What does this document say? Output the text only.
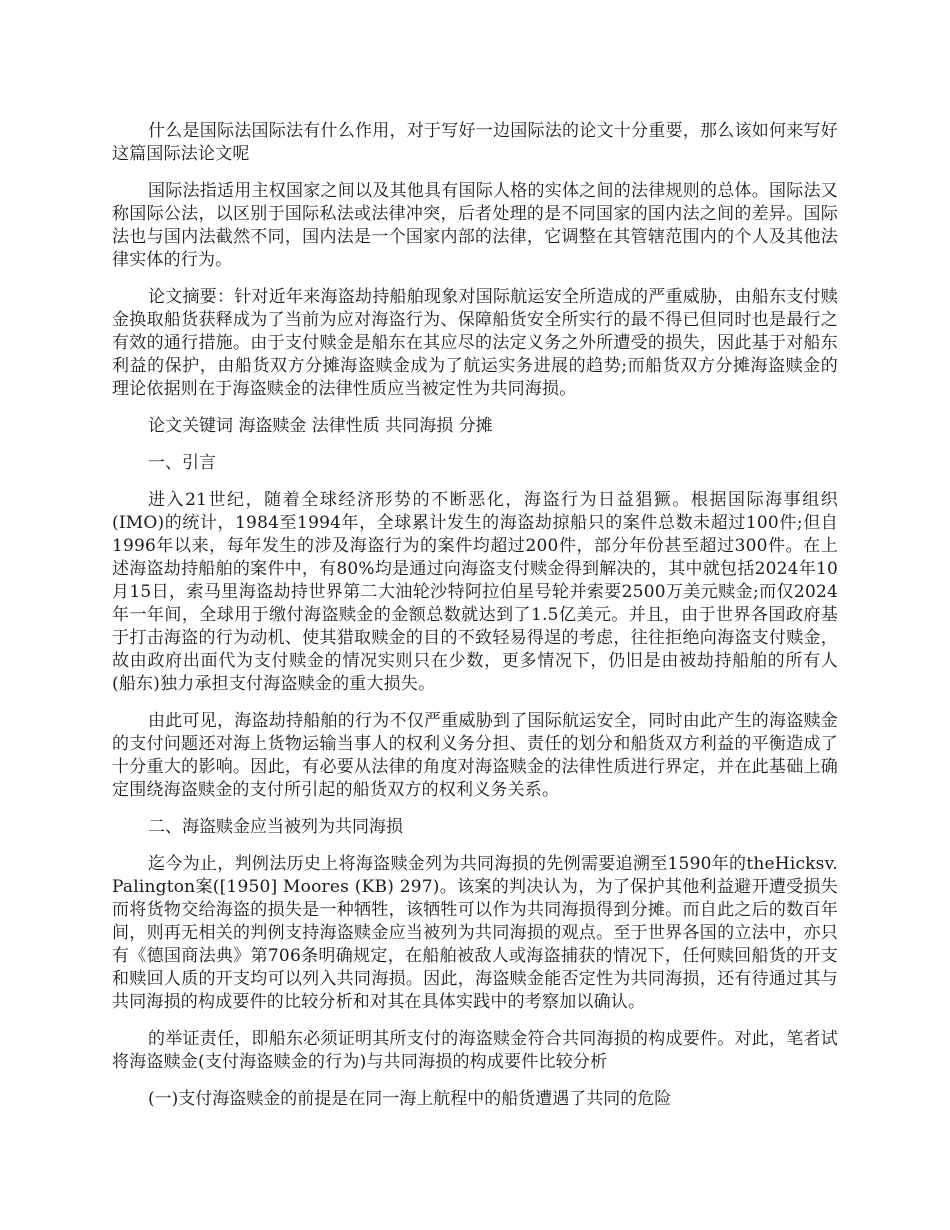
什么是国际法国际法有什么作用，对于写好一边国际法的论文十分重要，那么该如何来写好这篇国际法论文呢

国际法指适用主权国家之间以及其他具有国际人格的实体之间的法律规则的总体。国际法又称国际公法，以区别于国际私法或法律冲突，后者处理的是不同国家的国内法之间的差异。国际法也与国内法截然不同，国内法是一个国家内部的法律，它调整在其管辖范围内的个人及其他法律实体的行为。

论文摘要：针对近年来海盗劫持船舶现象对国际航运安全所造成的严重威胁，由船东支付赎金换取船货获释成为了当前为应对海盗行为、保障船货安全所实行的最不得已但同时也是最行之有效的通行措施。由于支付赎金是船东在其应尽的法定义务之外所遭受的损失，因此基于对船东利益的保护，由船货双方分摊海盗赎金成为了航运实务进展的趋势;而船货双方分摊海盗赎金的理论依据则在于海盗赎金的法律性质应当被定性为共同海损。

论文关键词 海盗赎金 法律性质 共同海损 分摊

一、引言

进入21世纪，随着全球经济形势的不断恶化，海盗行为日益猖獗。根据国际海事组织(IMO)的统计，1984至1994年，全球累计发生的海盗劫掠船只的案件总数未超过100件;但自1996年以来，每年发生的涉及海盗行为的案件均超过200件，部分年份甚至超过300件。在上述海盗劫持船舶的案件中，有80%均是通过向海盗支付赎金得到解决的，其中就包括2024年10月15日，索马里海盗劫持世界第二大油轮沙特阿拉伯星号轮并索要2500万美元赎金;而仅2024年一年间，全球用于缴付海盗赎金的金额总数就达到了1.5亿美元。并且，由于世界各国政府基于打击海盗的行为动机、使其猎取赎金的目的不致轻易得逞的考虑，往往拒绝向海盗支付赎金，故由政府出面代为支付赎金的情况实则只在少数，更多情况下，仍旧是由被劫持船舶的所有人(船东)独力承担支付海盗赎金的重大损失。

由此可见，海盗劫持船舶的行为不仅严重威胁到了国际航运安全，同时由此产生的海盗赎金的支付问题还对海上货物运输当事人的权利义务分担、责任的划分和船货双方利益的平衡造成了十分重大的影响。因此，有必要从法律的角度对海盗赎金的法律性质进行界定，并在此基础上确定围绕海盗赎金的支付所引起的船货双方的权利义务关系。

二、海盗赎金应当被列为共同海损

迄今为止，判例法历史上将海盗赎金列为共同海损的先例需要追溯至1590年的theHicksv. Palington案([1950] Moores (KB) 297)。该案的判决认为，为了保护其他利益避开遭受损失而将货物交给海盗的损失是一种牺牲，该牺牲可以作为共同海损得到分摊。而自此之后的数百年间，则再无相关的判例支持海盗赎金应当被列为共同海损的观点。至于世界各国的立法中，亦只有《德国商法典》第706条明确规定，在船舶被敌人或海盗捕获的情况下，任何赎回船货的开支和赎回人质的开支均可以列入共同海损。因此，海盗赎金能否定性为共同海损，还有待通过其与共同海损的构成要件的比较分析和对其在具体实践中的考察加以确认。

的举证责任，即船东必须证明其所支付的海盗赎金符合共同海损的构成要件。对此，笔者试将海盗赎金(支付海盗赎金的行为)与共同海损的构成要件比较分析

(一)支付海盗赎金的前提是在同一海上航程中的船货遭遇了共同的危险
